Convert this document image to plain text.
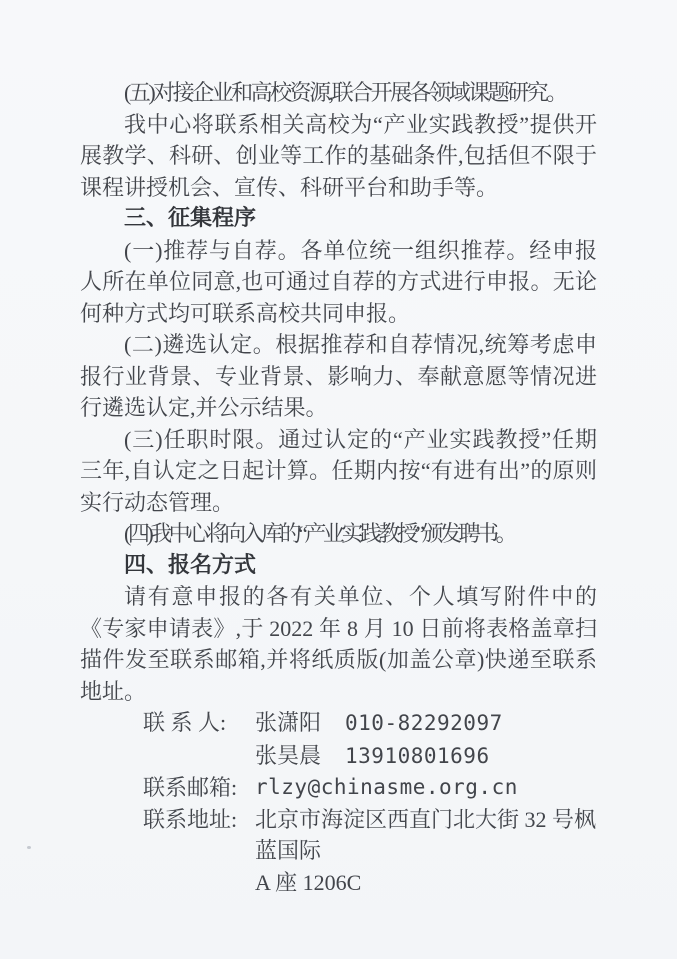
(五)对接企业和高校资源,联合开展各领域课题研究。

我中心将联系相关高校为“产业实践教授”提供开展教学、科研、创业等工作的基础条件,包括但不限于课程讲授机会、宣传、科研平台和助手等。

三、征集程序

(一)推荐与自荐。各单位统一组织推荐。经申报人所在单位同意,也可通过自荐的方式进行申报。无论何种方式均可联系高校共同申报。

(二)遴选认定。根据推荐和自荐情况,统筹考虑申报行业背景、专业背景、影响力、奉献意愿等情况进行遴选认定,并公示结果。

(三)任职时限。通过认定的“产业实践教授”任期三年,自认定之日起计算。任期内按“有进有出”的原则实行动态管理。

(四)我中心将向入库的“产业实践教授”颁发聘书。

四、报名方式

请有意申报的各有关单位、个人填写附件中的《专家申请表》,于 2022 年 8 月 10 日前将表格盖章扫描件发至联系邮箱,并将纸质版(加盖公章)快递至联系地址。

联 系 人:	张潇阳 010-82292097
张昊晨 13910801696
联系邮箱: rlzy@chinasme.org.cn
联系地址: 北京市海淀区西直门北大街 32 号枫蓝国际
A 座 1206C
